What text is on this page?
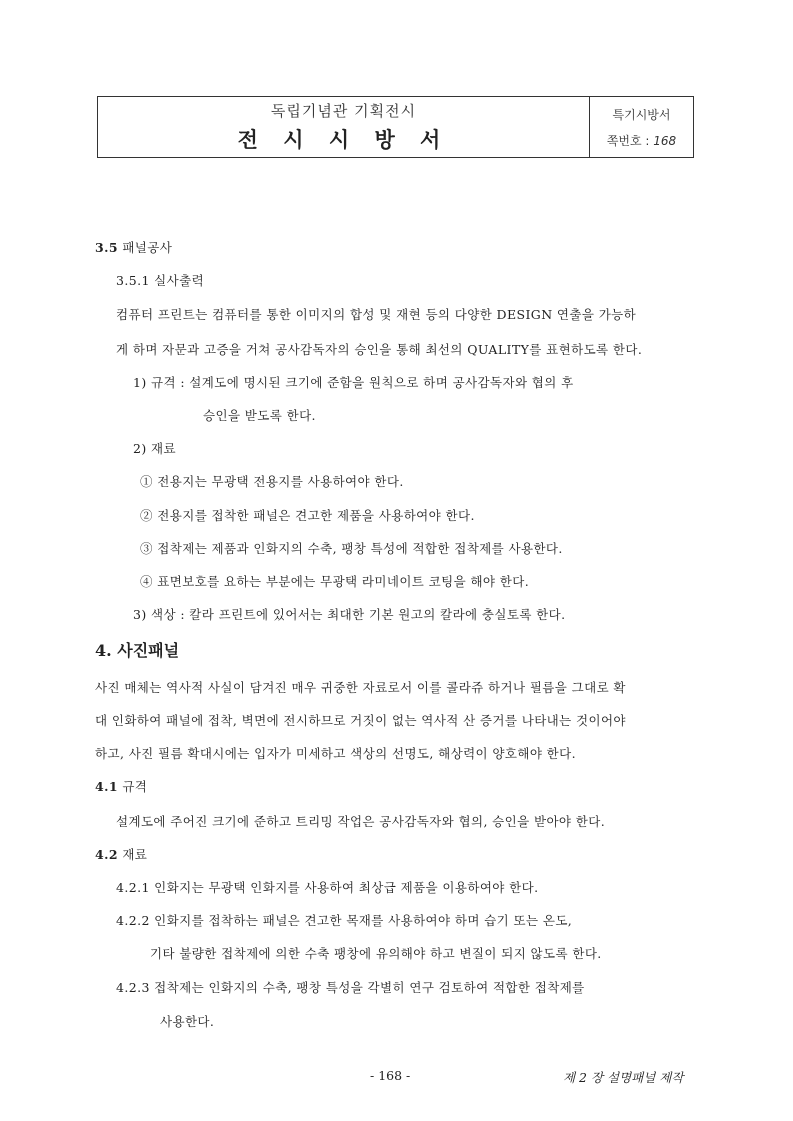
독립기념관 기획전시
전 시 시 방 서
특기시방서
쪽번호 : 168
3.5 패널공사
3.5.1 실사출력
컴퓨터 프린트는 컴퓨터를 통한 이미지의 합성 및 재현 등의 다양한 DESIGN 연출을 가능하
게 하며 자문과 고증을 거쳐 공사감독자의 승인을 통해 최선의 QUALITY를 표현하도록 한다.
1) 규격 : 설계도에 명시된 크기에 준함을 원칙으로 하며 공사감독자와 협의 후
승인을 받도록 한다.
2) 재료
① 전용지는 무광택 전용지를 사용하여야 한다.
② 전용지를 접착한 패널은 견고한 제품을 사용하여야 한다.
③ 접착제는 제품과 인화지의 수축, 팽창 특성에 적합한 접착제를 사용한다.
④ 표면보호를 요하는 부분에는 무광택 라미네이트 코팅을 해야 한다.
3) 색상 : 칼라 프린트에 있어서는 최대한 기본 원고의 칼라에 충실토록 한다.
4. 사진패널
사진 매체는 역사적 사실이 담겨진 매우 귀중한 자료로서 이를 콜라쥬 하거나 필름을 그대로 확
대 인화하여 패널에 접착, 벽면에 전시하므로 거짓이 없는 역사적 산 증거를 나타내는 것이어야
하고, 사진 필름 확대시에는 입자가 미세하고 색상의 선명도, 해상력이 양호해야 한다.
4.1 규격
설계도에 주어진 크기에 준하고 트리밍 작업은 공사감독자와 협의, 승인을 받아야 한다.
4.2 재료
4.2.1 인화지는 무광택 인화지를 사용하여 최상급 제품을 이용하여야 한다.
4.2.2 인화지를 접착하는 패널은 견고한 목재를 사용하여야 하며 습기 또는 온도,
기타 불량한 접착제에 의한 수축 팽창에 유의해야 하고 변질이 되지 않도록 한다.
4.2.3 접착제는 인화지의 수축, 팽창 특성을 각별히 연구 검토하여 적합한 접착제를
사용한다.
- 168 -	제 2 장 설명패널 제작
